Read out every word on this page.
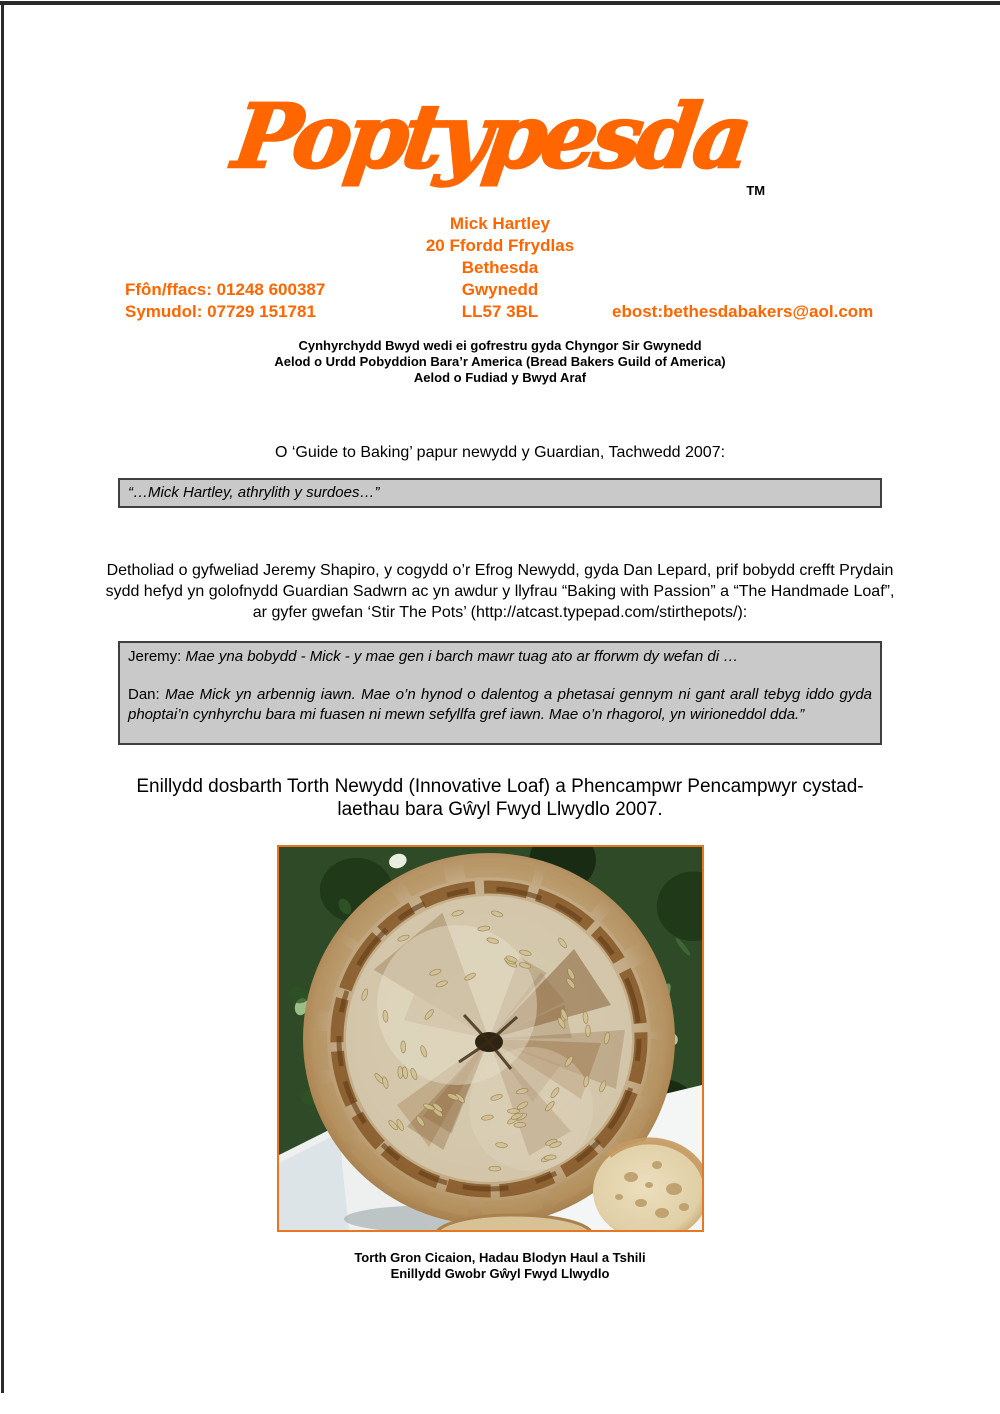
PoptypesdaTM
Mick Hartley
20 Ffordd Ffrydlas
Bethesda
Gwynedd
LL57 3BL
Ffôn/ffacs: 01248 600387
Symudol: 07729 151781	ebost:bethesdabakers@aol.com
Cynhyrchydd Bwyd wedi ei gofrestru gyda Chyngor Sir Gwynedd
Aelod o Urdd Pobyddion Bara’r America (Bread Bakers Guild of America)
Aelod o Fudiad y Bwyd Araf
O ‘Guide to Baking’ papur newydd y Guardian, Tachwedd 2007:
“…Mick Hartley, athrylith y surdoes…”
Detholiad o gyfweliad Jeremy Shapiro, y cogydd o’r Efrog Newydd, gyda Dan Lepard, prif bobydd crefft Prydain sydd hefyd yn golofnydd Guardian Sadwrn ac yn awdur y llyfrau “Baking with Passion” a “The Handmade Loaf”, ar gyfer gwefan ‘Stir The Pots’ (http://atcast.typepad.com/stirthepots/):
Jeremy: Mae yna bobydd - Mick - y mae gen i barch mawr tuag ato ar fforwm dy wefan di …
Dan: Mae Mick yn arbennig iawn. Mae o’n hynod o dalentog a phetasai gennym ni gant arall tebyg iddo gyda phoptai’n cynhyrchu bara mi fuasen ni mewn sefyllfa gref iawn. Mae o’n rhagorol, yn wirioneddol dda.”
Enillydd dosbarth Torth Newydd (Innovative Loaf) a Phencampwr Pencampwyr cystad-
laethau bara Gŵyl Fwyd Llwydlo 2007.
Torth Gron Cicaion, Hadau Blodyn Haul a Tshili
Enillydd Gwobr Gŵyl Fwyd Llwydlo
